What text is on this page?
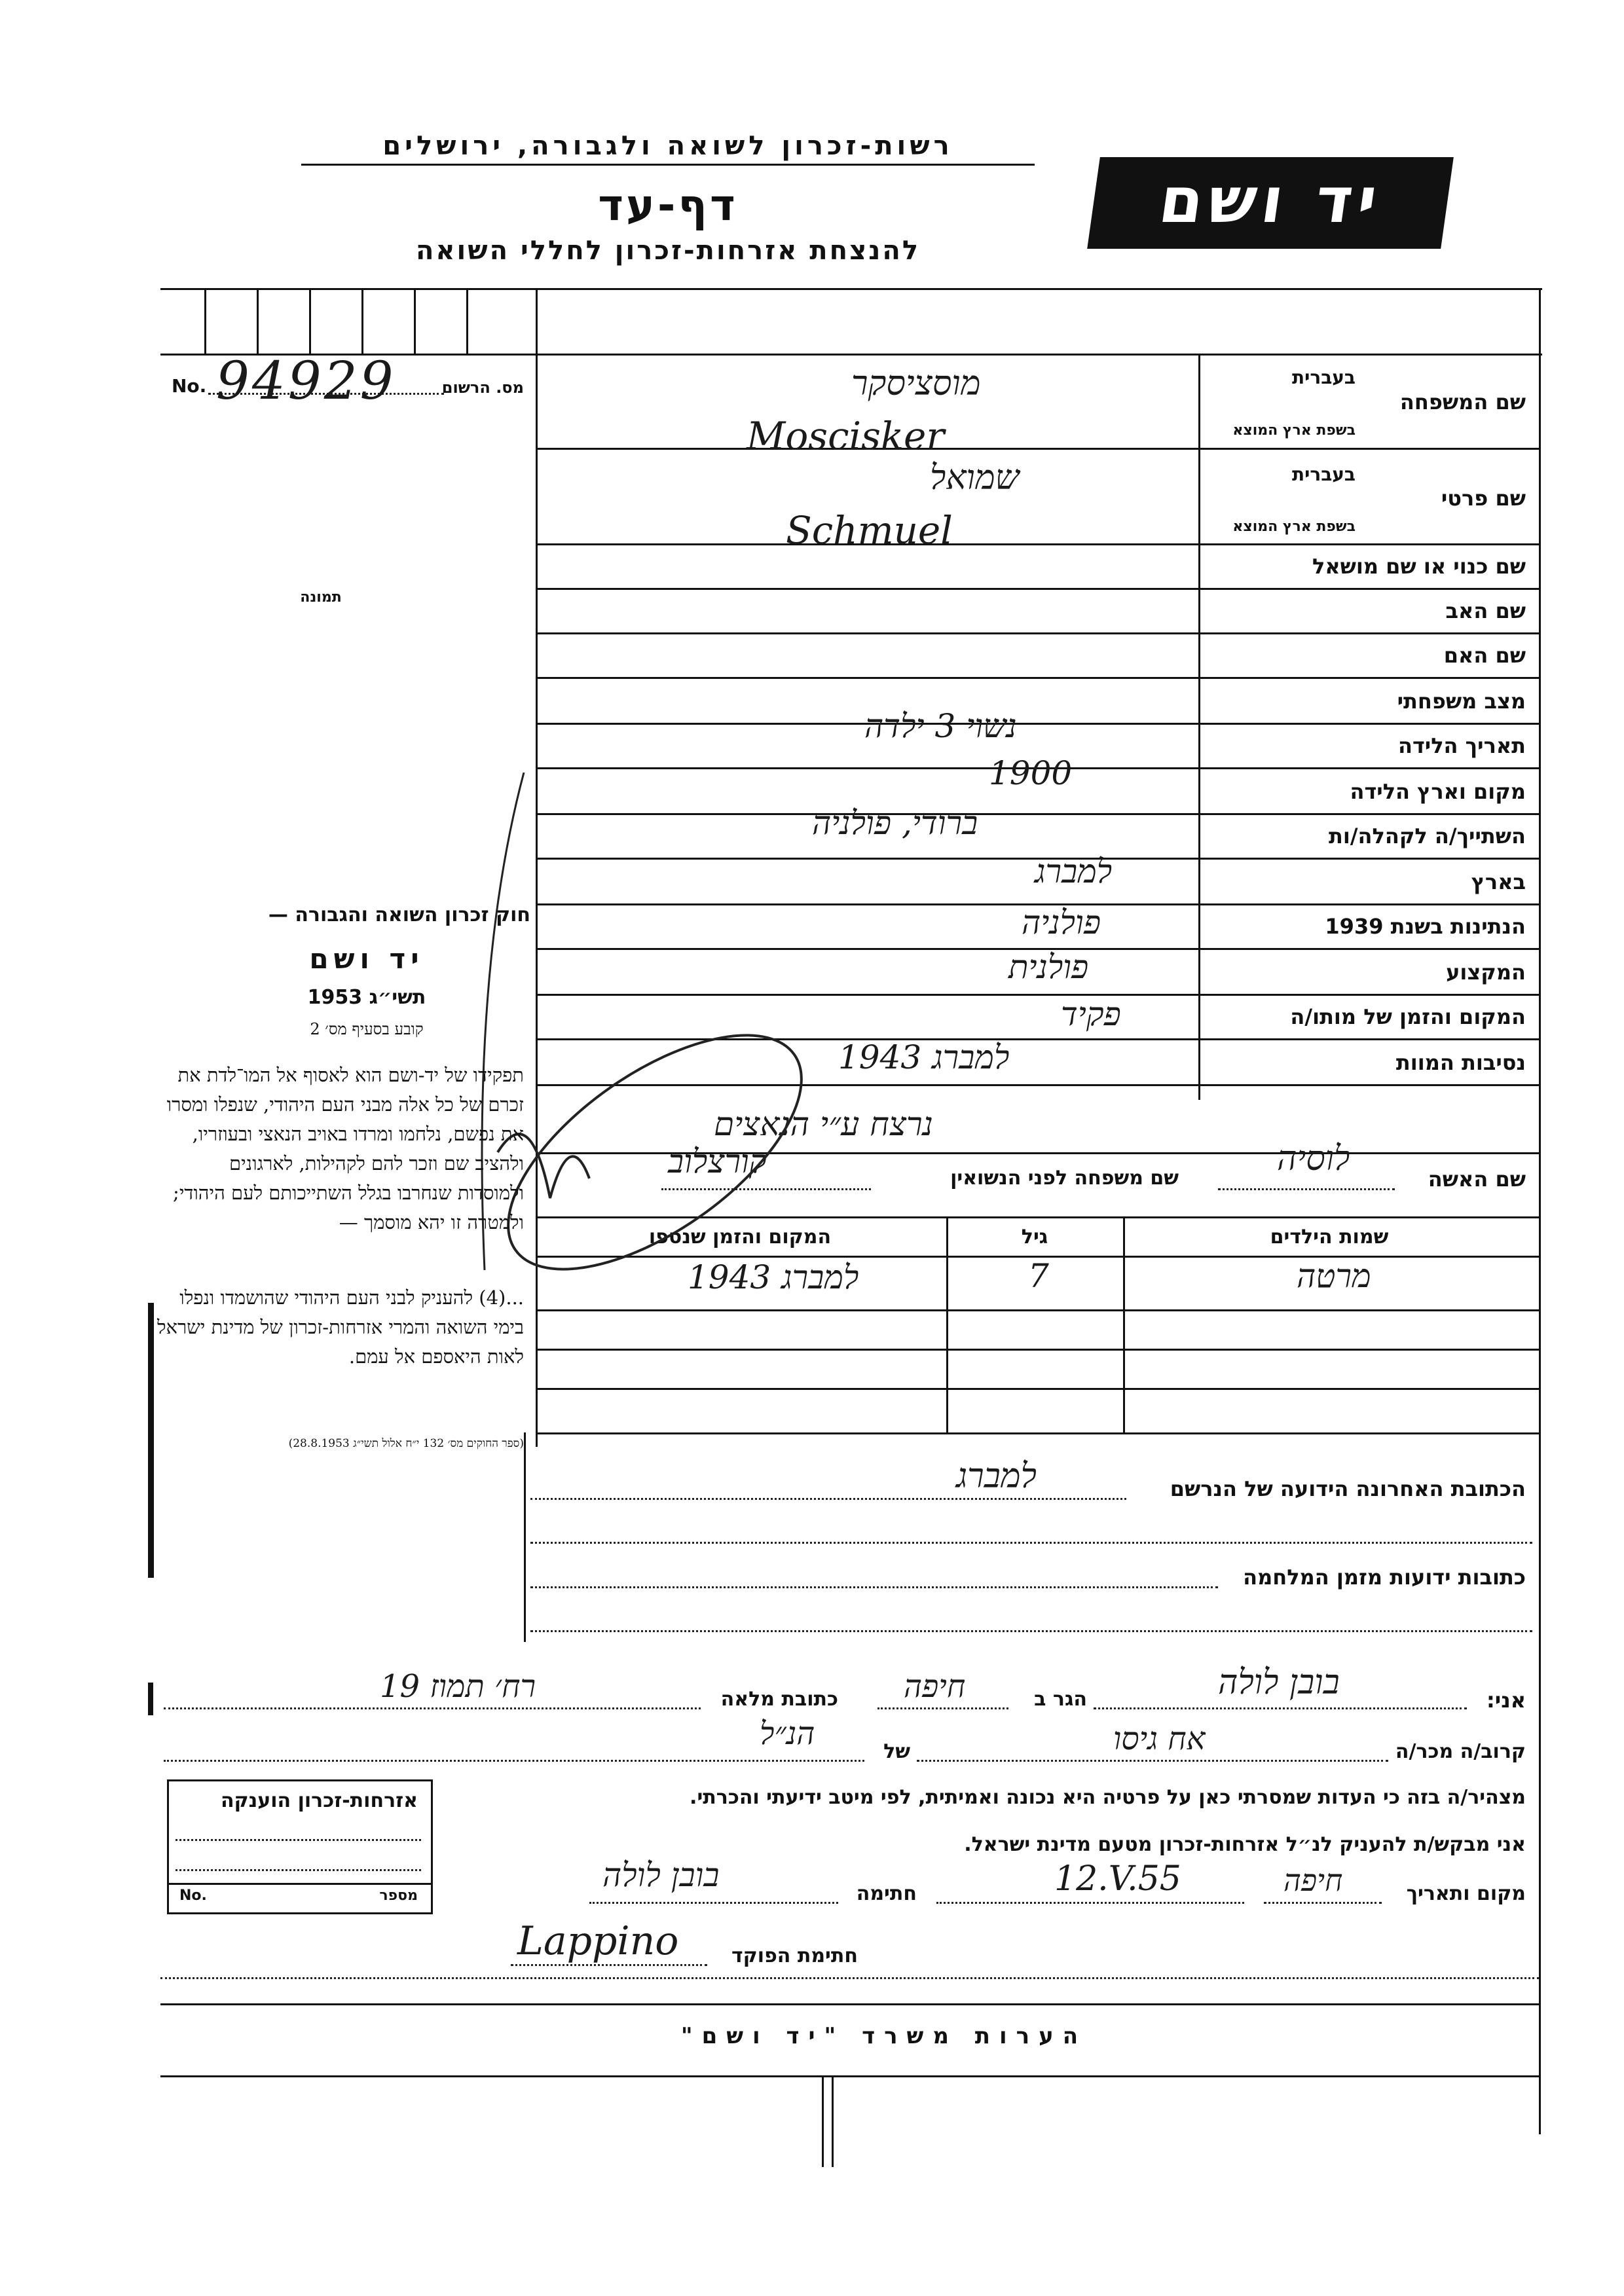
רשות-זכרון לשואה ולגבורה, ירושלים
דף-עד
להנצחת אזרחות-זכרון לחללי השואה
יד ושם
מס. הרשום
No. 94929
תמונה
שם המשפחה
בעברית
בשפת ארץ המוצא
שם פרטי
בעברית
בשפת ארץ המוצא
שם כנוי או שם מושאל
שם האב
שם האם
מצב משפחתי
תאריך הלידה
מקום וארץ הלידה
השתייך/ה לקהלה/ות
בארץ
הנתינות בשנת 1939
המקצוע
המקום והזמן של מותו/ה
נסיבות המוות
שם האשה
שם משפחה לפני הנשואין
שמות הילדים
גיל
המקום והזמן שנספו
מוסציסקר
Moscisker
שמואל
Schmuel
נשוי 3 ילדה
1900
ברודי, פולניה
למברג
פולניה
פולנית
פקיד
למברג 1943
נרצח ע״י הנאצים
לוסיה
קורצלוב
מרטה
7
למברג 1943
חוק זכרון השואה והגבורה —
יד ושם
תשי״ג 1953
קובע בסעיף מס׳ 2
תפקידו של יד-ושם הוא לאסוף אל המו־לדת את זכרם של כל אלה מבני העם היהודי, שנפלו ומסרו את נפשם, נלחמו ומרדו באויב הנאצי ובעוזריו, ולהציב שם וזכר להם לקהילות, לארגונים ולמוסדות שנחרבו בגלל השתייכותם לעם היהודי; ולמטרה זו יהא מוסמך —
...(4) להעניק לבני העם היהודי שהושמדו ונפלו בימי השואה והמרי אזרחות-זכרון של מדינת ישראל לאות היאספם אל עמם.
(ספר החוקים מס׳ 132 י״ח אלול תשי״ג 28.8.1953)
הכתובת האחרונה הידועה של הנרשם
למברג
כתובות ידועות מזמן המלחמה
אני:
בובן לולה
הגר ב
חיפה
כתובת מלאה
רח׳ תמוז 19
קרוב/ה מכר/ה
אח גיסו
של
הנ״ל
מצהיר/ה בזה כי העדות שמסרתי כאן על פרטיה היא נכונה ואמיתית, לפי מיטב ידיעתי והכרתי.
אני מבקש/ת להעניק לנ״ל אזרחות-זכרון מטעם מדינת ישראל.
מקום ותאריך
חיפה
12.V.55
חתימה
בובן לולה
חתימת הפוקד
Lappino
אזרחות-זכרון הוענקה
No.	מספר
הערות משרד "יד ושם"
